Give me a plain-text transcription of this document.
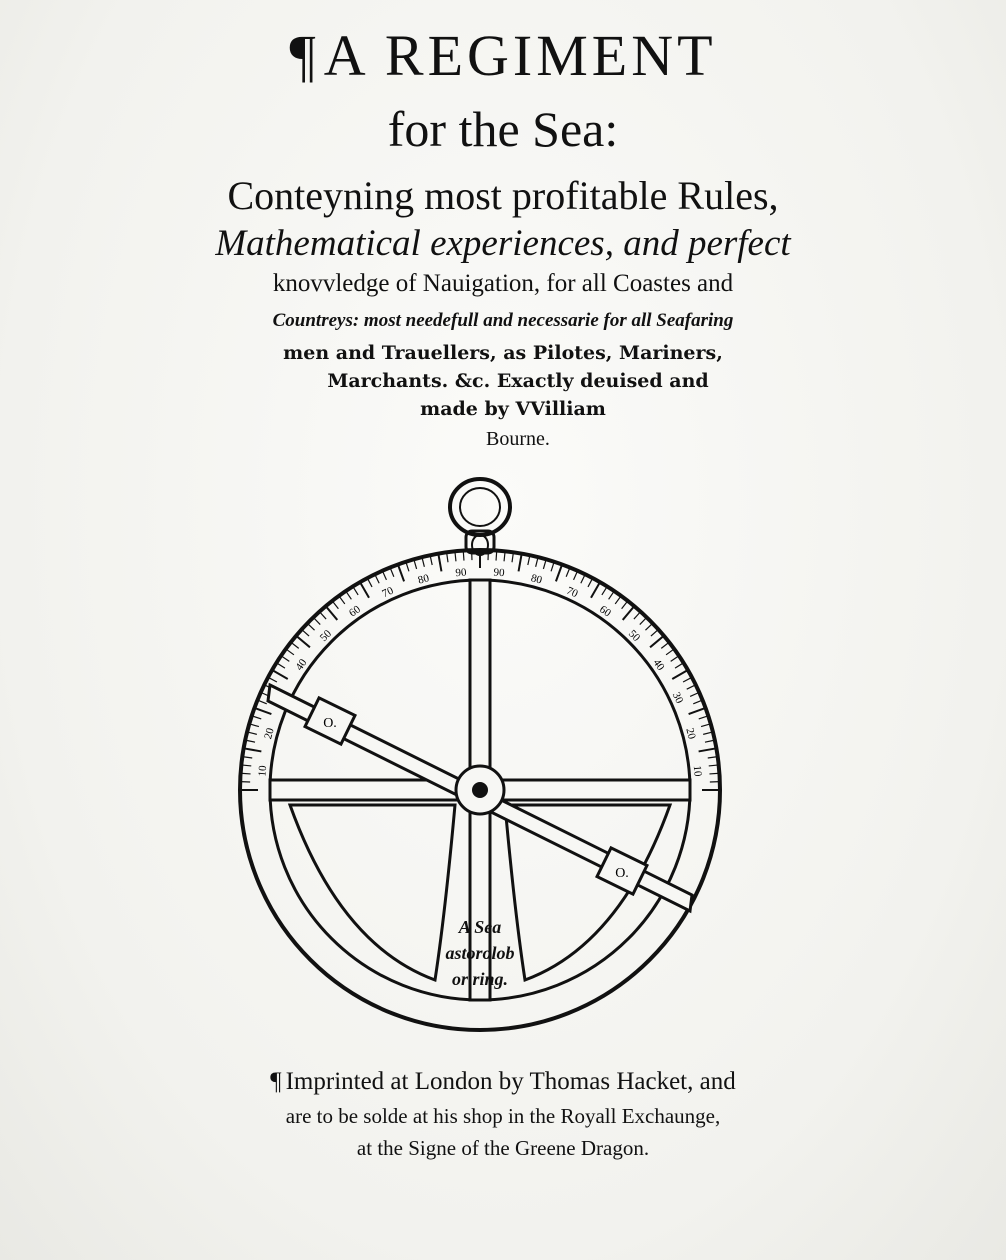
¶A REGIMENT
for the Sea:
Conteyning most profitable Rules,
Mathematical experiences, and perfect
knovvledge of Nauigation, for all Coastes and
Countreys: most needefull and necessarie for all Seafaring
men and Trauellers, as Pilotes, Mariners,
Marchants. &c. Exactly deuised and
made by VVilliam
Bourne.
10
20
40
50
60
70
80 90 90 80
70
60
50
40
30
20
10
O.
O.
A Sea
astorolob
or ring.
¶ Imprinted at London by Thomas Hacket, and
are to be solde at his shop in the Royall Exchaunge,
at the Signe of the Greene Dragon.
